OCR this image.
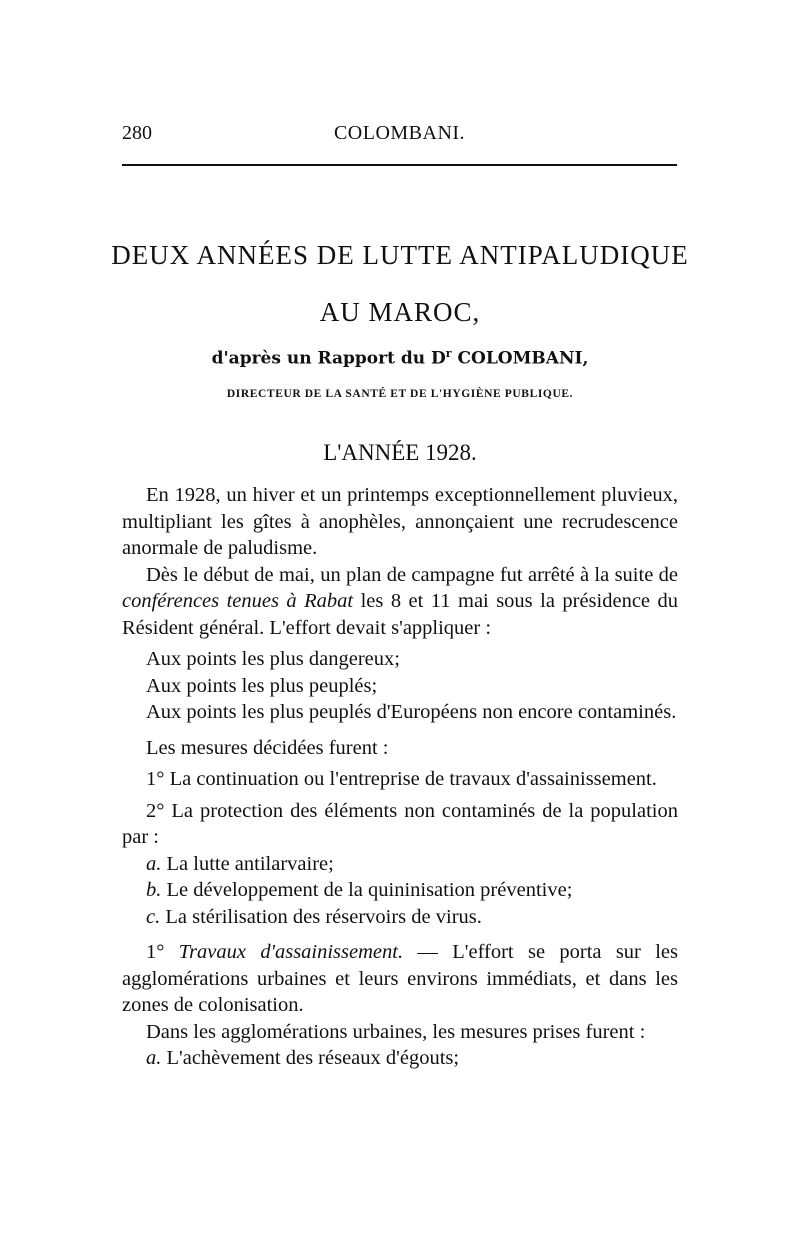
280	COLOMBANI.
DEUX ANNÉES DE LUTTE ANTIPALUDIQUE
AU MAROC,
d'après un Rapport du $D^r$ COLOMBANI,
DIRECTEUR DE LA SANTÉ ET DE L'HYGIÈNE PUBLIQUE.
L'ANNÉE 1928.

En 1928, un hiver et un printemps exceptionnellement pluvieux, multipliant les gîtes à anophèles, annonçaient une recrudescence anormale de paludisme.

Dès le début de mai, un plan de campagne fut arrêté à la suite de conférences tenues à Rabat les 8 et 11 mai sous la présidence du Résident général. L'effort devait s'appliquer :

Aux points les plus dangereux;

Aux points les plus peuplés;

Aux points les plus peuplés d'Européens non encore contaminés.

Les mesures décidées furent :

1° La continuation ou l'entreprise de travaux d'assainissement.

2° La protection des éléments non contaminés de la population par :

a. La lutte antilarvaire;

b. Le développement de la quininisation préventive;

c. La stérilisation des réservoirs de virus.

1° Travaux d'assainissement. — L'effort se porta sur les agglomérations urbaines et leurs environs immédiats, et dans les zones de colonisation.

Dans les agglomérations urbaines, les mesures prises furent :

a. L'achèvement des réseaux d'égouts;
